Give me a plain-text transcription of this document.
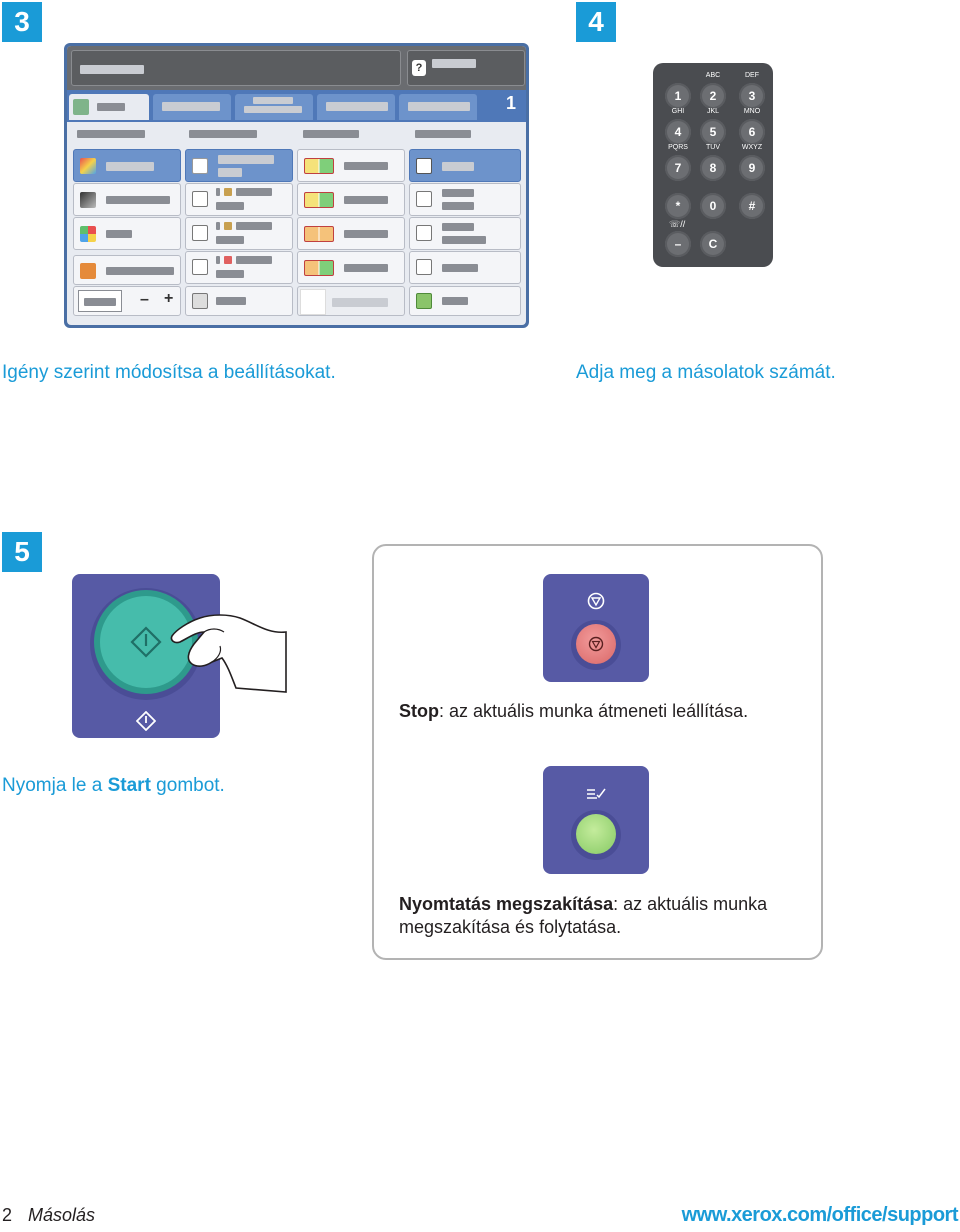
3
?
1
– +
Igény szerint módosítsa a beállításokat.
4
1	2
ABC
3
DEF
4
GHI
5
JKL
6
MNO
7
PQRS
8
TUV
9
WXYZ
*	0	#
–	C
☏//
Adja meg a másolatok számát.
5
Nyomja le a Start gombot.
Stop: az aktuális munka átmeneti leállítása.
Nyomtatás megszakítása: az aktuális munka
megszakítása és folytatása.
2 Másolás	www.xerox.com/office/support
